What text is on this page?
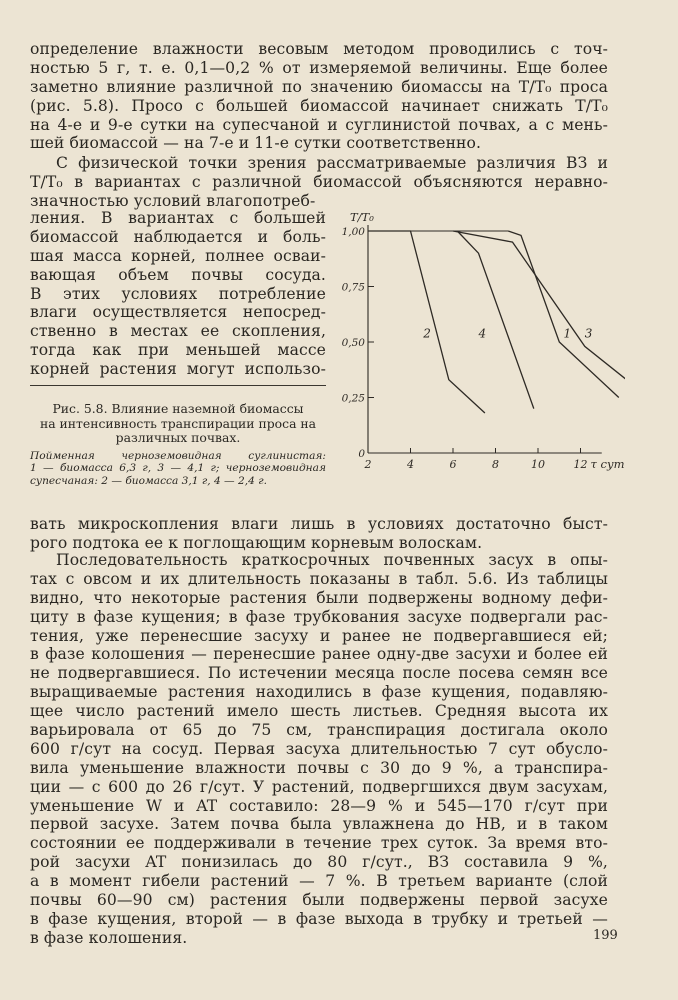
определение влажности весовым методом проводились с точ-
ностью 5 г, т. е. 0,1—0,2 % от измеряемой величины. Еще более
заметно влияние различной по значению биомассы на T/T₀ проса
(рис. 5.8). Просо с большей биомассой начинает снижать T/T₀
на 4-е и 9-е сутки на супесчаной и суглинистой почвах, а с мень-
шей биомассой — на 7-е и 11-е сутки соответственно.
С физической точки зрения рассматриваемые различия ВЗ и
T/T₀ в вариантах с различной биомассой объясняются неравно-
значностью условий влагопотреб-
ления. В вариантах с большей
биомассой наблюдается и боль-
шая масса корней, полнее осваи-
вающая объем почвы сосуда.
В этих условиях потребление
влаги осуществляется непосред-
ственно в местах ее скопления,
тогда как при меньшей массе
корней растения могут использо-
Рис. 5.8. Влияние наземной биомассы
на интенсивность транспирации проса на
различных почвах.
Пойменная черноземовидная суглинистая:
1 — биомасса 6,3 г, 3 — 4,1 г; черноземовидная
супесчаная: 2 — биомасса 3,1 г, 4 — 2,4 г.
0
0,25
0,50
0,75
1,00
2	4	6	8	10	12
T/T₀
τ сут
2	4	1 3
вать микроскопления влаги лишь в условиях достаточно быст-
рого подтока ее к поглощающим корневым волоскам.
Последовательность краткосрочных почвенных засух в опы-
тах с овсом и их длительность показаны в табл. 5.6. Из таблицы
видно, что некоторые растения были подвержены водному дефи-
циту в фазе кущения; в фазе трубкования засухе подвергали рас-
тения, уже перенесшие засуху и ранее не подвергавшиеся ей;
в фазе колошения — перенесшие ранее одну-две засухи и более ей
не подвергавшиеся. По истечении месяца после посева семян все
выращиваемые растения находились в фазе кущения, подавляю-
щее число растений имело шесть листьев. Средняя высота их
варьировала от 65 до 75 см, транспирация достигала около
600 г/сут на сосуд. Первая засуха длительностью 7 сут обусло-
вила уменьшение влажности почвы с 30 до 9 %, а транспира-
ции — с 600 до 26 г/сут. У растений, подвергшихся двум засухам,
уменьшение W и AT составило: 28—9 % и 545—170 г/сут при
первой засухе. Затем почва была увлажнена до НВ, и в таком
состоянии ее поддерживали в течение трех суток. За время вто-
рой засухи AT понизилась до 80 г/сут., ВЗ составила 9 %,
а в момент гибели растений — 7 %. В третьем варианте (слой
почвы 60—90 см) растения были подвержены первой засухе
в фазе кущения, второй — в фазе выхода в трубку и третьей —
в фазе колошения.	199
